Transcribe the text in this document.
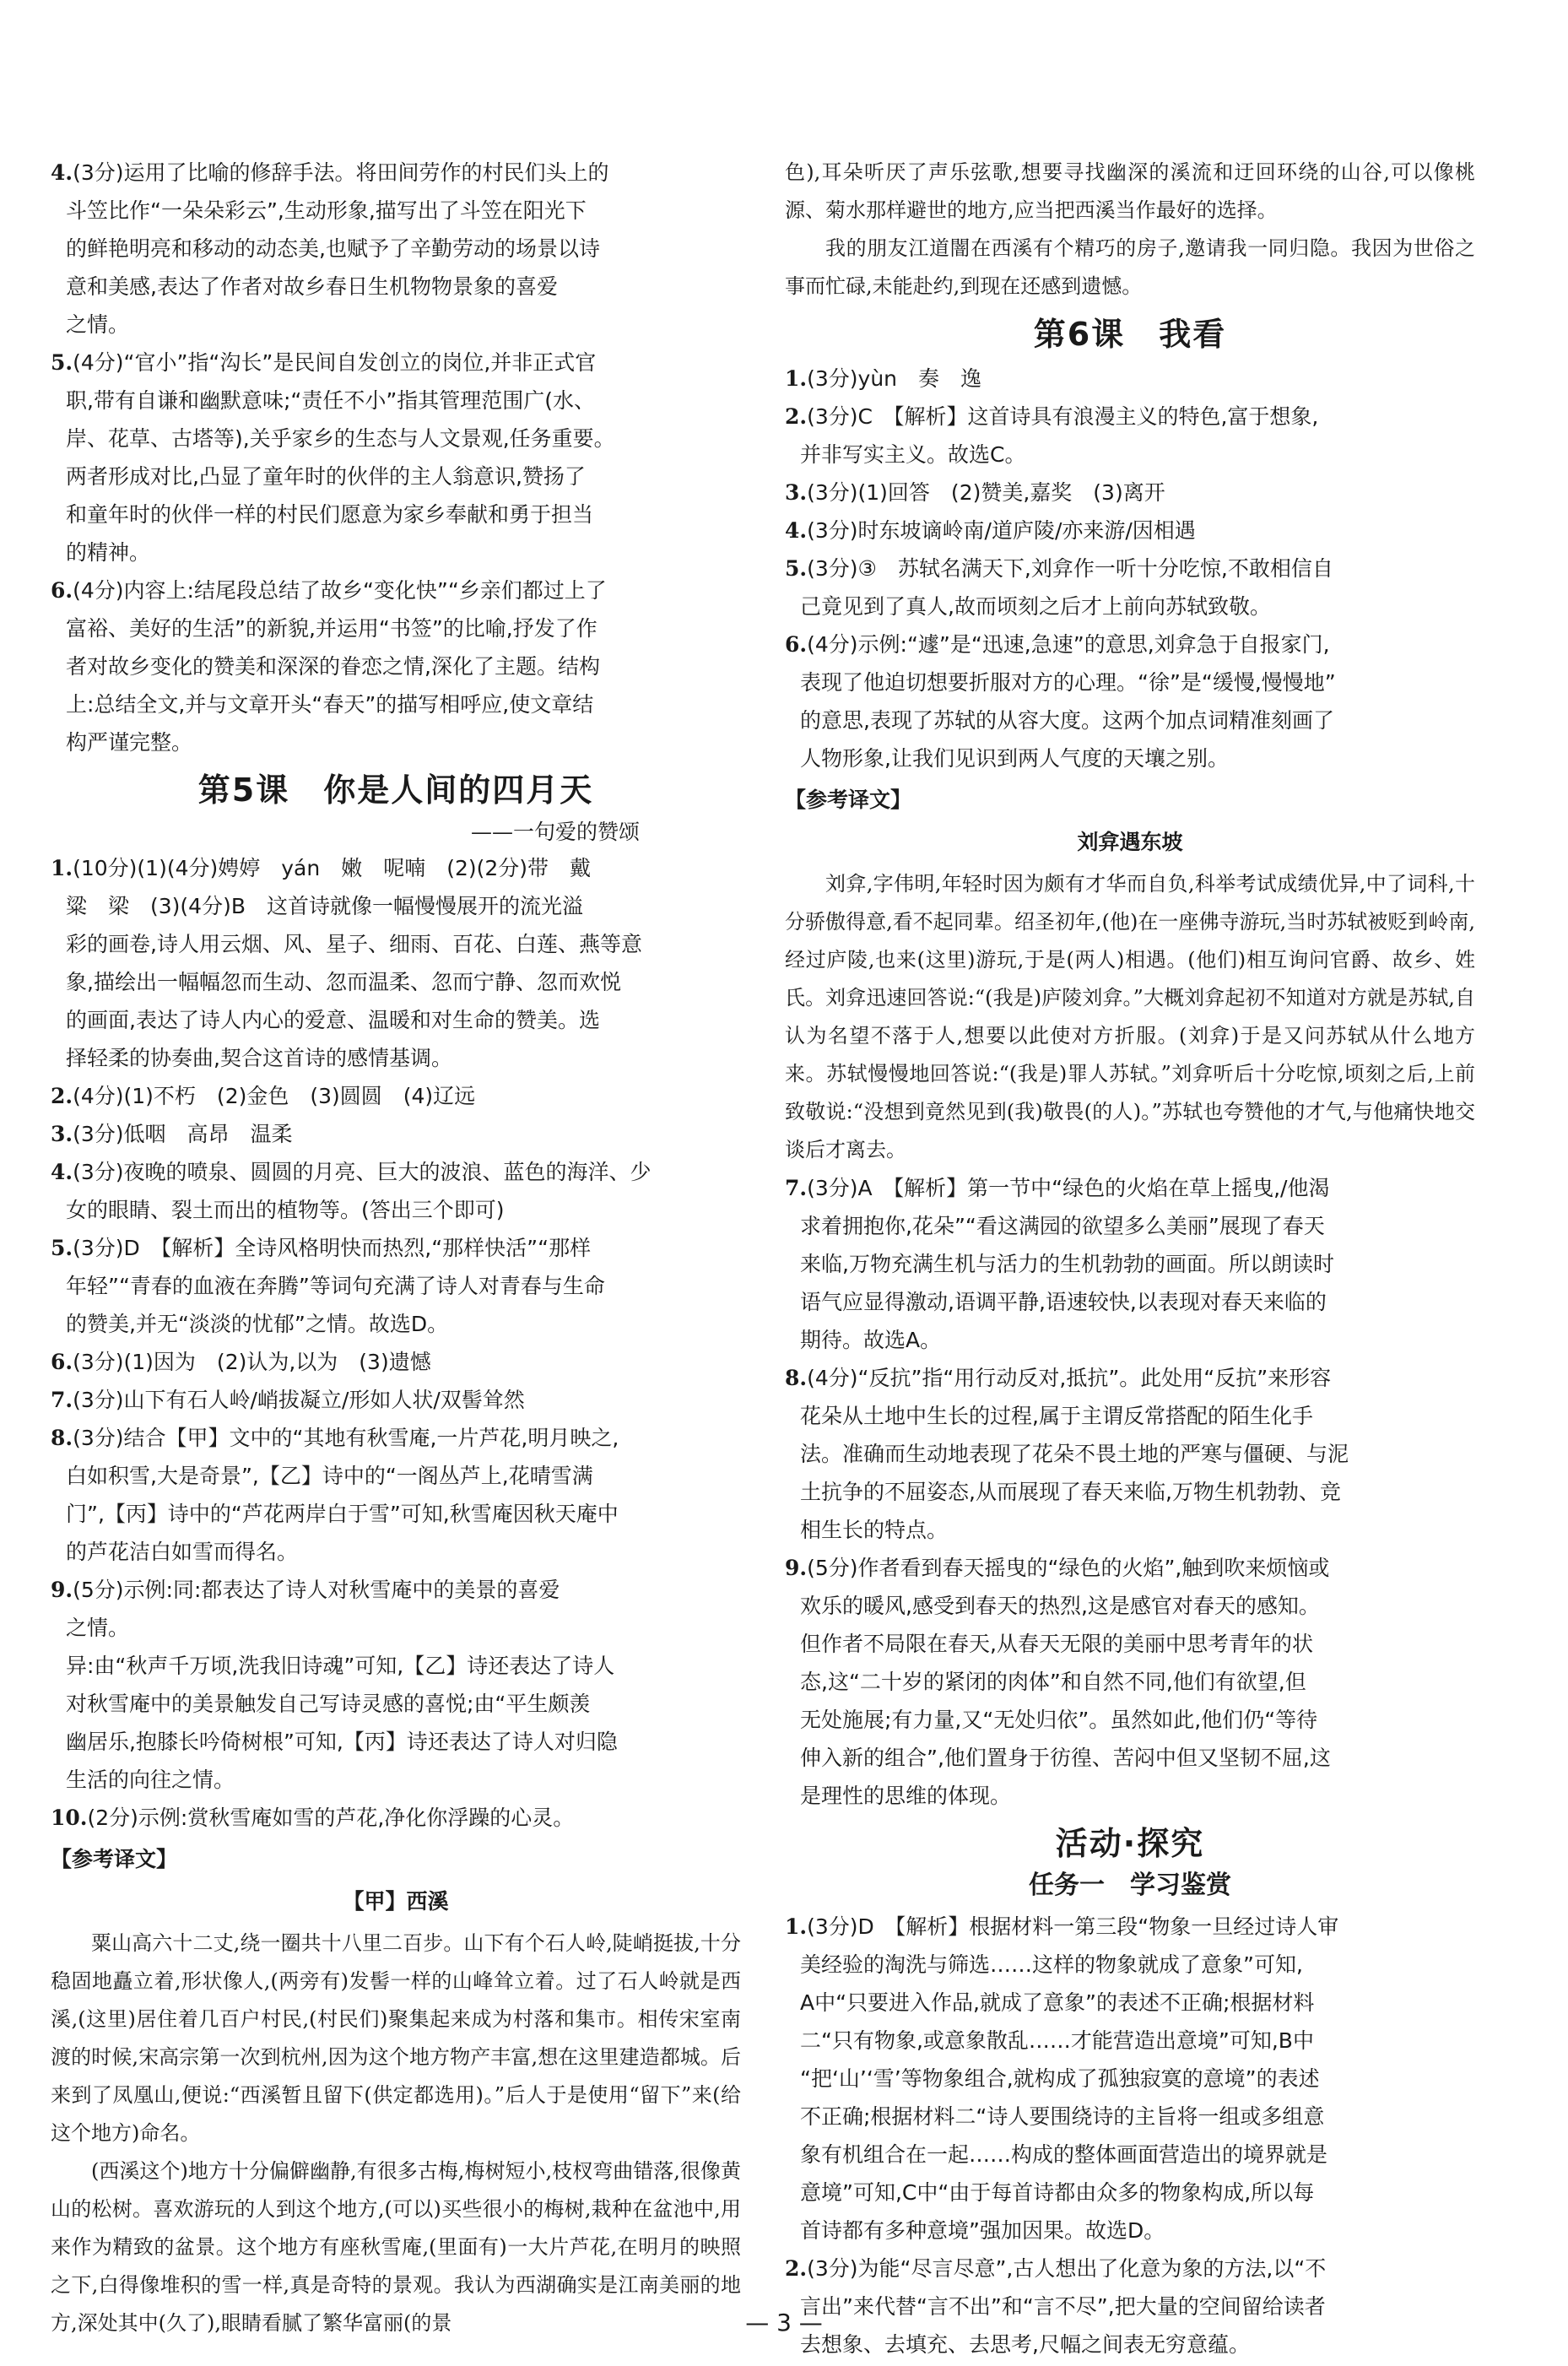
4.(3分)运用了比喻的修辞手法。将田间劳作的村民们头上的

斗笠比作“一朵朵彩云”,生动形象,描写出了斗笠在阳光下

的鲜艳明亮和移动的动态美,也赋予了辛勤劳动的场景以诗

意和美感,表达了作者对故乡春日生机物物景象的喜爱

之情。

5.(4分)“官小”指“沟长”是民间自发创立的岗位,并非正式官

职,带有自谦和幽默意味;“责任不小”指其管理范围广(水、

岸、花草、古塔等),关乎家乡的生态与人文景观,任务重要。

两者形成对比,凸显了童年时的伙伴的主人翁意识,赞扬了

和童年时的伙伴一样的村民们愿意为家乡奉献和勇于担当

的精神。

6.(4分)内容上:结尾段总结了故乡“变化快”“乡亲们都过上了

富裕、美好的生活”的新貌,并运用“书签”的比喻,抒发了作

者对故乡变化的赞美和深深的眷恋之情,深化了主题。结构

上:总结全文,并与文章开头“春天”的描写相呼应,使文章结

构严谨完整。

第5课　你是人间的四月天
——一句爱的赞颂

1.(10分)(1)(4分)娉婷　yán　嫩　呢喃　(2)(2分)带　戴

粱　梁　(3)(4分)B　这首诗就像一幅慢慢展开的流光溢

彩的画卷,诗人用云烟、风、星子、细雨、百花、白莲、燕等意

象,描绘出一幅幅忽而生动、忽而温柔、忽而宁静、忽而欢悦

的画面,表达了诗人内心的爱意、温暖和对生命的赞美。选

择轻柔的协奏曲,契合这首诗的感情基调。

2.(4分)(1)不朽　(2)金色　(3)圆圆　(4)辽远

3.(3分)低咽　高昂　温柔

4.(3分)夜晚的喷泉、圆圆的月亮、巨大的波浪、蓝色的海洋、少

女的眼睛、裂土而出的植物等。(答出三个即可)

5.(3分)D　【解析】全诗风格明快而热烈,“那样快活”“那样

年轻”“青春的血液在奔腾”等词句充满了诗人对青春与生命

的赞美,并无“淡淡的忧郁”之情。故选D。

6.(3分)(1)因为　(2)认为,以为　(3)遗憾

7.(3分)山下有石人岭/峭拔凝立/形如人状/双髻耸然

8.(3分)结合【甲】文中的“其地有秋雪庵,一片芦花,明月映之,

白如积雪,大是奇景”,【乙】诗中的“一阁丛芦上,花晴雪满

门”,【丙】诗中的“芦花两岸白于雪”可知,秋雪庵因秋天庵中

的芦花洁白如雪而得名。

9.(5分)示例:同:都表达了诗人对秋雪庵中的美景的喜爱

之情。

异:由“秋声千万顷,洗我旧诗魂”可知,【乙】诗还表达了诗人

对秋雪庵中的美景触发自己写诗灵感的喜悦;由“平生颇羡

幽居乐,抱膝长吟倚树根”可知,【丙】诗还表达了诗人对归隐

生活的向往之情。

10.(2分)示例:赏秋雪庵如雪的芦花,净化你浮躁的心灵。

【参考译文】
【甲】西溪

粟山高六十二丈,绕一圈共十八里二百步。山下有个石人岭,陡峭挺拔,十分稳固地矗立着,形状像人,(两旁有)发髻一样的山峰耸立着。过了石人岭就是西溪,(这里)居住着几百户村民,(村民们)聚集起来成为村落和集市。相传宋室南渡的时候,宋高宗第一次到杭州,因为这个地方物产丰富,想在这里建造都城。后来到了凤凰山,便说:“西溪暂且留下(供定都选用)。”后人于是使用“留下”来(给这个地方)命名。

(西溪这个)地方十分偏僻幽静,有很多古梅,梅树短小,枝杈弯曲错落,很像黄山的松树。喜欢游玩的人到这个地方,(可以)买些很小的梅树,栽种在盆池中,用来作为精致的盆景。这个地方有座秋雪庵,(里面有)一大片芦花,在明月的映照之下,白得像堆积的雪一样,真是奇特的景观。我认为西湖确实是江南美丽的地方,深处其中(久了),眼睛看腻了繁华富丽(的景

色),耳朵听厌了声乐弦歌,想要寻找幽深的溪流和迂回环绕的山谷,可以像桃源、菊水那样避世的地方,应当把西溪当作最好的选择。

我的朋友江道闇在西溪有个精巧的房子,邀请我一同归隐。我因为世俗之事而忙碌,未能赴约,到现在还感到遗憾。

第6课　我看

1.(3分)yùn　奏　逸

2.(3分)C　【解析】这首诗具有浪漫主义的特色,富于想象,

并非写实主义。故选C。

3.(3分)(1)回答　(2)赞美,嘉奖　(3)离开

4.(3分)时东坡谪岭南/道庐陵/亦来游/因相遇

5.(3分)③　苏轼名满天下,刘弇作一听十分吃惊,不敢相信自

己竟见到了真人,故而顷刻之后才上前向苏轼致敬。

6.(4分)示例:“遽”是“迅速,急速”的意思,刘弇急于自报家门,

表现了他迫切想要折服对方的心理。“徐”是“缓慢,慢慢地”

的意思,表现了苏轼的从容大度。这两个加点词精准刻画了

人物形象,让我们见识到两人气度的天壤之别。

【参考译文】
刘弇遇东坡

刘弇,字伟明,年轻时因为颇有才华而自负,科举考试成绩优异,中了词科,十分骄傲得意,看不起同辈。绍圣初年,(他)在一座佛寺游玩,当时苏轼被贬到岭南,经过庐陵,也来(这里)游玩,于是(两人)相遇。(他们)相互询问官爵、故乡、姓氏。刘弇迅速回答说:“(我是)庐陵刘弇。”大概刘弇起初不知道对方就是苏轼,自认为名望不落于人,想要以此使对方折服。(刘弇)于是又问苏轼从什么地方来。苏轼慢慢地回答说:“(我是)罪人苏轼。”刘弇听后十分吃惊,顷刻之后,上前致敬说:“没想到竟然见到(我)敬畏(的人)。”苏轼也夸赞他的才气,与他痛快地交谈后才离去。

7.(3分)A　【解析】第一节中“绿色的火焰在草上摇曳,/他渴

求着拥抱你,花朵”“看这满园的欲望多么美丽”展现了春天

来临,万物充满生机与活力的生机勃勃的画面。所以朗读时

语气应显得激动,语调平静,语速较快,以表现对春天来临的

期待。故选A。

8.(4分)“反抗”指“用行动反对,抵抗”。此处用“反抗”来形容

花朵从土地中生长的过程,属于主谓反常搭配的陌生化手

法。准确而生动地表现了花朵不畏土地的严寒与僵硬、与泥

土抗争的不屈姿态,从而展现了春天来临,万物生机勃勃、竞

相生长的特点。

9.(5分)作者看到春天摇曳的“绿色的火焰”,触到吹来烦恼或

欢乐的暖风,感受到春天的热烈,这是感官对春天的感知。

但作者不局限在春天,从春天无限的美丽中思考青年的状

态,这“二十岁的紧闭的肉体”和自然不同,他们有欲望,但

无处施展;有力量,又“无处归依”。虽然如此,他们仍“等待

伸入新的组合”,他们置身于彷徨、苦闷中但又坚韧不屈,这

是理性的思维的体现。

活动·探究
任务一　学习鉴赏

1.(3分)D　【解析】根据材料一第三段“物象一旦经过诗人审

美经验的淘洗与筛选……这样的物象就成了意象”可知,

A中“只要进入作品,就成了意象”的表述不正确;根据材料

二“只有物象,或意象散乱……才能营造出意境”可知,B中

“把‘山’‘雪’等物象组合,就构成了孤独寂寞的意境”的表述

不正确;根据材料二“诗人要围绕诗的主旨将一组或多组意

象有机组合在一起……构成的整体画面营造出的境界就是

意境”可知,C中“由于每首诗都由众多的物象构成,所以每

首诗都有多种意境”强加因果。故选D。

2.(3分)为能“尽言尽意”,古人想出了化意为象的方法,以“不

言出”来代替“言不出”和“言不尽”,把大量的空间留给读者

去想象、去填充、去思考,尺幅之间表无穷意蕴。

— 3 —
